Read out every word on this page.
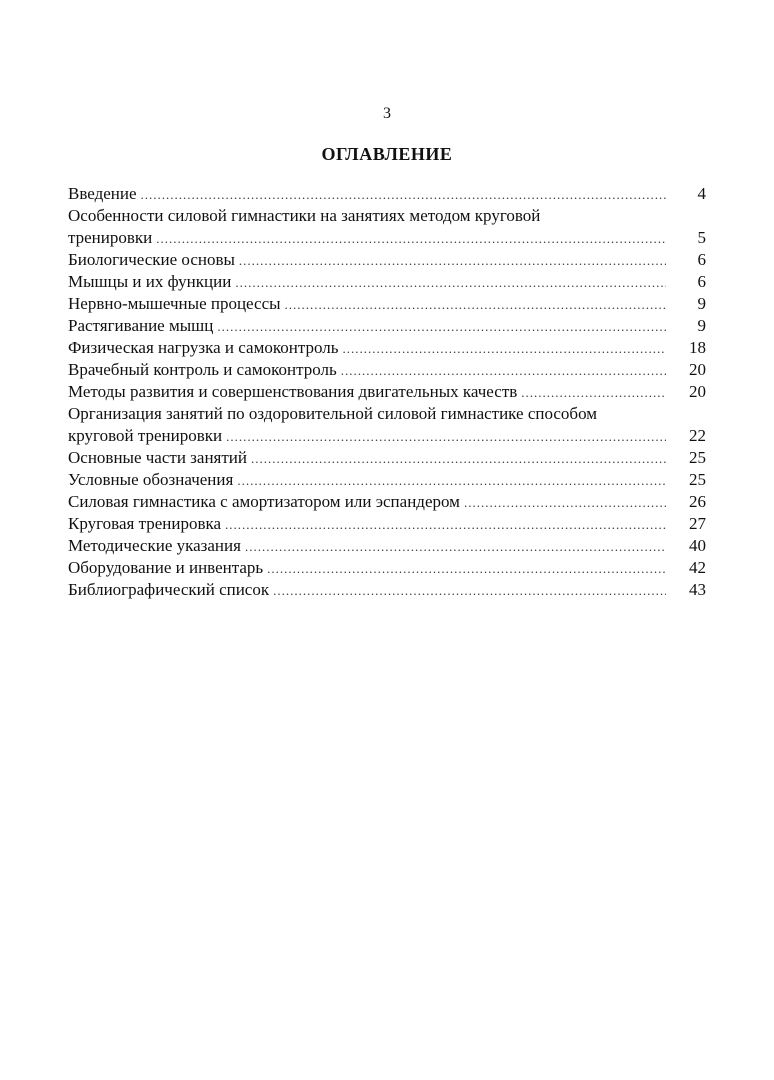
3
ОГЛАВЛЕНИЕ
Введение .....	4
Особенности силовой гимнастики на занятиях методом круговой
тренировки .....	5
Биологические основы .....	6
Мышцы и их функции .....	6
Нервно-мышечные процессы .....	9
Растягивание мышц .....	9
Физическая нагрузка и самоконтроль .....	18
Врачебный контроль и самоконтроль .....	20
Методы развития и совершенствования двигательных качеств .....	20
Организация занятий по оздоровительной силовой гимнастике способом
круговой тренировки .....	22
Основные части занятий .....	25
Условные обозначения .....	25
Силовая гимнастика с амортизатором или эспандером .....	26
Круговая тренировка .....	27
Методические указания .....	40
Оборудование и инвентарь .....	42
Библиографический список .....	43
